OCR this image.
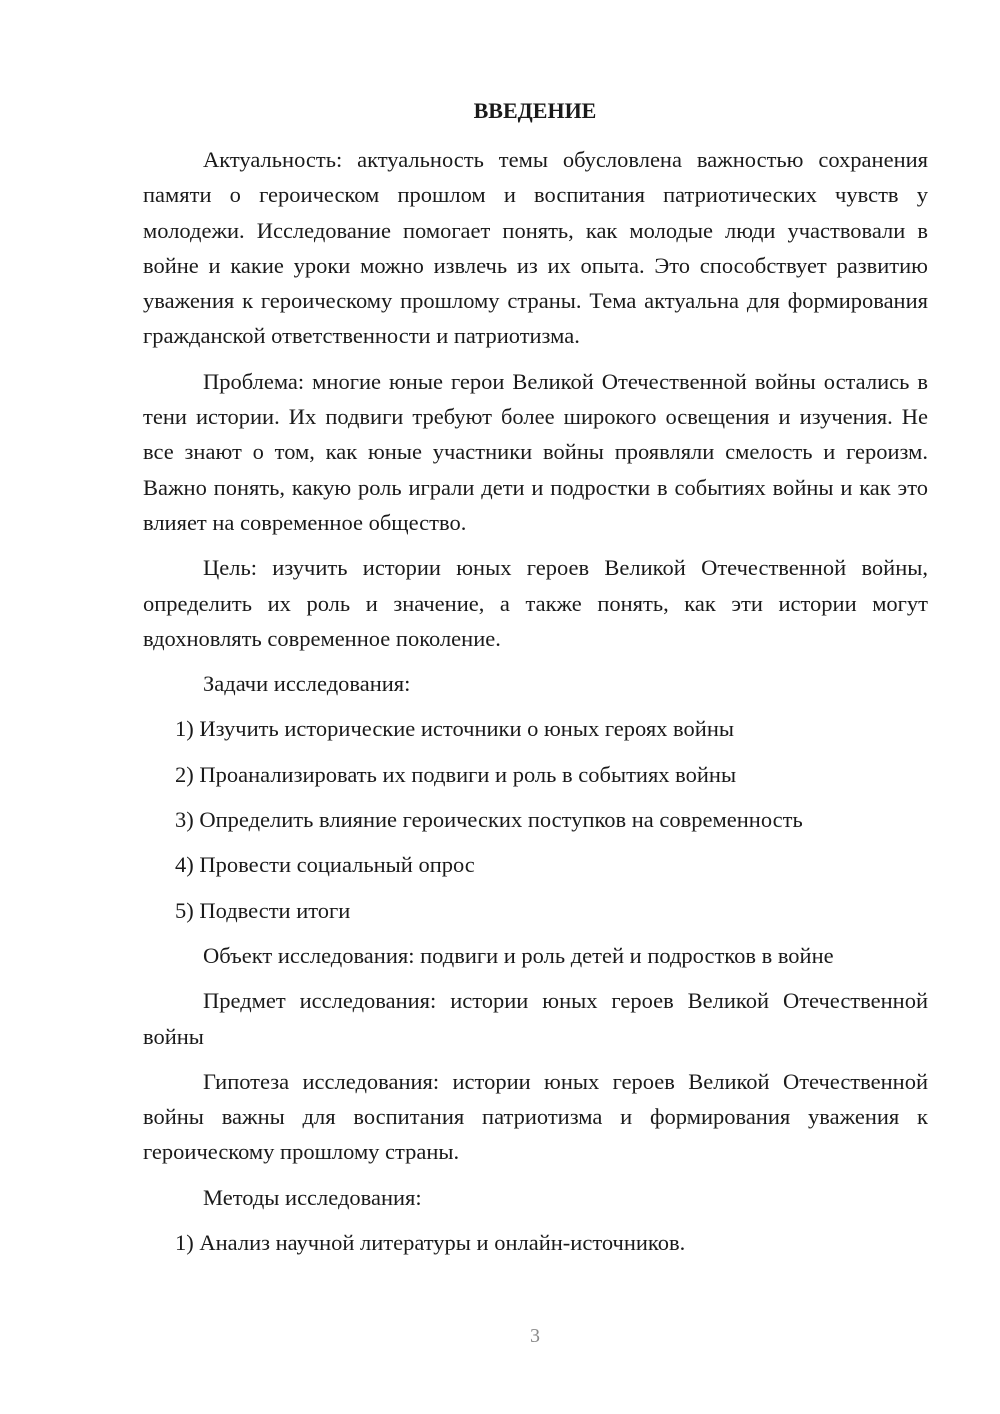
ВВЕДЕНИЕ

Актуальность: актуальность темы обусловлена важностью сохранения памяти о героическом прошлом и воспитания патриотических чувств у молодежи. Исследование помогает понять, как молодые люди участвовали в войне и какие уроки можно извлечь из их опыта. Это способствует развитию уважения к героическому прошлому страны. Тема актуальна для формирования гражданской ответственности и патриотизма.

Проблема: многие юные герои Великой Отечественной войны остались в тени истории. Их подвиги требуют более широкого освещения и изучения. Не все знают о том, как юные участники войны проявляли смелость и героизм. Важно понять, какую роль играли дети и подростки в событиях войны и как это влияет на современное общество.

Цель: изучить истории юных героев Великой Отечественной войны, определить их роль и значение, а также понять, как эти истории могут вдохновлять современное поколение.

Задачи исследования:

1) Изучить исторические источники о юных героях войны

2) Проанализировать их подвиги и роль в событиях войны

3) Определить влияние героических поступков на современность

4) Провести социальный опрос

5) Подвести итоги

Объект исследования: подвиги и роль детей и подростков в войне

Предмет исследования: истории юных героев Великой Отечественной войны

Гипотеза исследования: истории юных героев Великой Отечественной войны важны для воспитания патриотизма и формирования уважения к героическому прошлому страны.

Методы исследования:

1) Анализ научной литературы и онлайн-источников.

3
